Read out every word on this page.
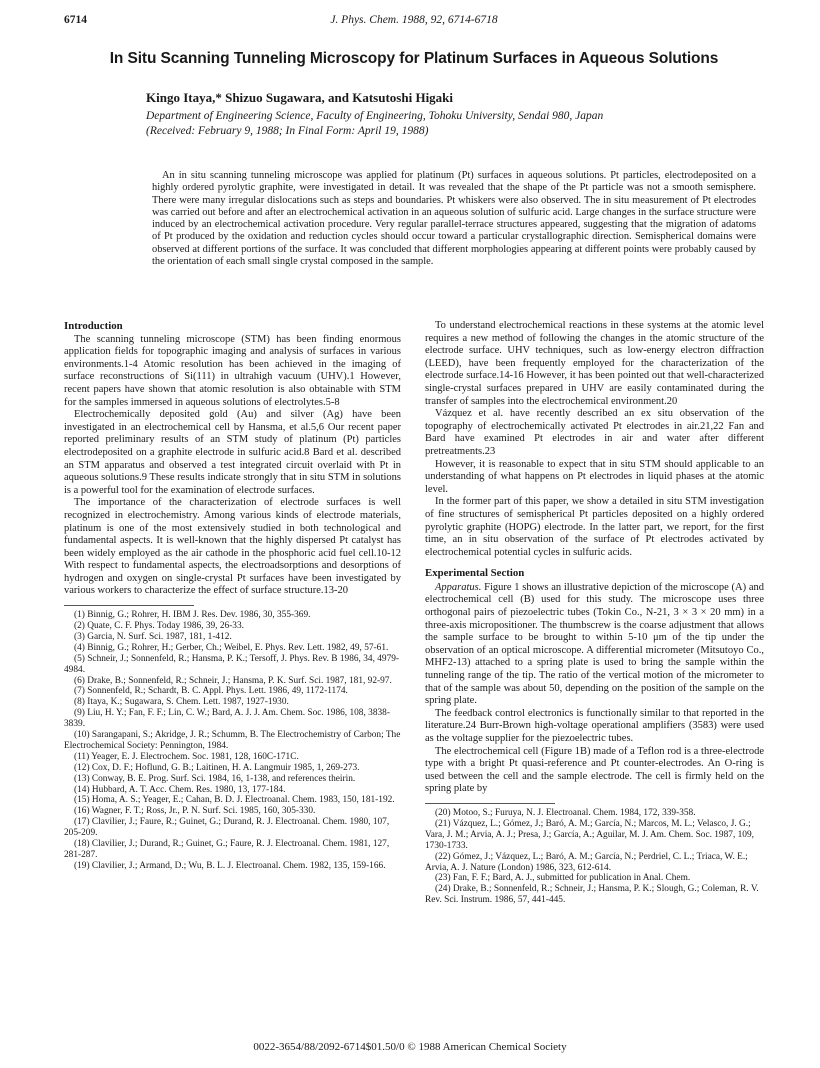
J. Phys. Chem. 1988, 92, 6714-6718
6714
In Situ Scanning Tunneling Microscopy for Platinum Surfaces in Aqueous Solutions
Kingo Itaya,* Shizuo Sugawara, and Katsutoshi Higaki
Department of Engineering Science, Faculty of Engineering, Tohoku University, Sendai 980, Japan
(Received: February 9, 1988; In Final Form: April 19, 1988)

An in situ scanning tunneling microscope was applied for platinum (Pt) surfaces in aqueous solutions. Pt particles, electrodeposited on a highly ordered pyrolytic graphite, were investigated in detail. It was revealed that the shape of the Pt particle was not a smooth semisphere. There were many irregular dislocations such as steps and boundaries. Pt whiskers were also observed. The in situ measurement of Pt electrodes was carried out before and after an electrochemical activation in an aqueous solution of sulfuric acid. Large changes in the surface structure were induced by an electrochemical activation procedure. Very regular parallel-terrace structures appeared, suggesting that the migration of adatoms of Pt produced by the oxidation and reduction cycles should occur toward a particular crystallographic direction. Semispherical domains were observed at different portions of the surface. It was concluded that different morphologies appearing at different points were probably caused by the orientation of each small single crystal composed in the sample.

Introduction

The scanning tunneling microscope (STM) has been finding enormous application fields for topographic imaging and analysis of surfaces in various environments.1-4 Atomic resolution has been achieved in the imaging of surface reconstructions of Si(111) in ultrahigh vacuum (UHV).1 However, recent papers have shown that atomic resolution is also obtainable with STM for the samples immersed in aqueous solutions of electrolytes.5-8

Electrochemically deposited gold (Au) and silver (Ag) have been investigated in an electrochemical cell by Hansma, et al.5,6 Our recent paper reported preliminary results of an STM study of platinum (Pt) particles electrodeposited on a graphite electrode in sulfuric acid.8 Bard et al. described an STM apparatus and observed a test integrated circuit overlaid with Pt in aqueous solutions.9 These results indicate strongly that in situ STM in solutions is a powerful tool for the examination of electrode surfaces.

The importance of the characterization of electrode surfaces is well recognized in electrochemistry. Among various kinds of electrode materials, platinum is one of the most extensively studied in both technological and fundamental aspects. It is well-known that the highly dispersed Pt catalyst has been widely employed as the air cathode in the phosphoric acid fuel cell.10-12 With respect to fundamental aspects, the electroadsorptions and desorptions of hydrogen and oxygen on single-crystal Pt surfaces have been investigated by various workers to characterize the effect of surface structure.13-20

(1) Binnig, G.; Rohrer, H. IBM J. Res. Dev. 1986, 30, 355-369.

(2) Quate, C. F. Phys. Today 1986, 39, 26-33.

(3) Garcia, N. Surf. Sci. 1987, 181, 1-412.

(4) Binnig, G.; Rohrer, H.; Gerber, Ch.; Weibel, E. Phys. Rev. Lett. 1982, 49, 57-61.

(5) Schneir, J.; Sonnenfeld, R.; Hansma, P. K.; Tersoff, J. Phys. Rev. B 1986, 34, 4979-4984.

(6) Drake, B.; Sonnenfeld, R.; Schneir, J.; Hansma, P. K. Surf. Sci. 1987, 181, 92-97.

(7) Sonnenfeld, R.; Schardt, B. C. Appl. Phys. Lett. 1986, 49, 1172-1174.

(8) Itaya, K.; Sugawara, S. Chem. Lett. 1987, 1927-1930.

(9) Liu, H. Y.; Fan, F. F.; Lin, C. W.; Bard, A. J. J. Am. Chem. Soc. 1986, 108, 3838-3839.

(10) Sarangapani, S.; Akridge, J. R.; Schumm, B. The Electrochemistry of Carbon; The Electrochemical Society: Pennington, 1984.

(11) Yeager, E. J. Electrochem. Soc. 1981, 128, 160C-171C.

(12) Cox, D. F.; Hoflund, G. B.; Laitinen, H. A. Langmuir 1985, 1, 269-273.

(13) Conway, B. E. Prog. Surf. Sci. 1984, 16, 1-138, and references theirin.

(14) Hubbard, A. T. Acc. Chem. Res. 1980, 13, 177-184.

(15) Homa, A. S.; Yeager, E.; Cahan, B. D. J. Electroanal. Chem. 1983, 150, 181-192.

(16) Wagner, F. T.; Ross, Jr., P. N. Surf. Sci. 1985, 160, 305-330.

(17) Clavilier, J.; Faure, R.; Guinet, G.; Durand, R. J. Electroanal. Chem. 1980, 107, 205-209.

(18) Clavilier, J.; Durand, R.; Guinet, G.; Faure, R. J. Electroanal. Chem. 1981, 127, 281-287.

(19) Clavilier, J.; Armand, D.; Wu, B. L. J. Electroanal. Chem. 1982, 135, 159-166.

To understand electrochemical reactions in these systems at the atomic level requires a new method of following the changes in the atomic structure of the electrode surface. UHV techniques, such as low-energy electron diffraction (LEED), have been frequently employed for the characterization of the electrode surface.14-16 However, it has been pointed out that well-characterized single-crystal surfaces prepared in UHV are easily contaminated during the transfer of samples into the electrochemical environment.20

Vázquez et al. have recently described an ex situ observation of the topography of electrochemically activated Pt electrodes in air.21,22 Fan and Bard have examined Pt electrodes in air and water after different pretreatments.23

However, it is reasonable to expect that in situ STM should applicable to an understanding of what happens on Pt electrodes in liquid phases at the atomic level.

In the former part of this paper, we show a detailed in situ STM investigation of fine structures of semispherical Pt particles deposited on a highly ordered pyrolytic graphite (HOPG) electrode. In the latter part, we report, for the first time, an in situ observation of the surface of Pt electrodes activated by electrochemical potential cycles in sulfuric acids.

Experimental Section

Apparatus. Figure 1 shows an illustrative depiction of the microscope (A) and electrochemical cell (B) used for this study. The microscope uses three orthogonal pairs of piezoelectric tubes (Tokin Co., N-21, 3 × 3 × 20 mm) in a three-axis micropositioner. The thumbscrew is the coarse adjustment that allows the sample surface to be brought to within 5-10 μm of the tip under the observation of an optical microscope. A differential micrometer (Mitsutoyo Co., MHF2-13) attached to a spring plate is used to bring the sample within the tunneling range of the tip. The ratio of the vertical motion of the micrometer to that of the sample was about 50, depending on the position of the sample on the spring plate.

The feedback control electronics is functionally similar to that reported in the literature.24 Burr-Brown high-voltage operational amplifiers (3583) were used as the voltage supplier for the piezoelectric tubes.

The electrochemical cell (Figure 1B) made of a Teflon rod is a three-electrode type with a bright Pt quasi-reference and Pt counter-electrodes. An O-ring is used between the cell and the sample electrode. The cell is firmly held on the spring plate by

(20) Motoo, S.; Furuya, N. J. Electroanal. Chem. 1984, 172, 339-358.

(21) Vázquez, L.; Gómez, J.; Baró, A. M.; García, N.; Marcos, M. L.; Velasco, J. G.; Vara, J. M.; Arvia, A. J.; Presa, J.; García, A.; Aguilar, M. J. Am. Chem. Soc. 1987, 109, 1730-1733.

(22) Gómez, J.; Vázquez, L.; Baró, A. M.; García, N.; Perdriel, C. L.; Triaca, W. E.; Arvia, A. J. Nature (London) 1986, 323, 612-614.

(23) Fan, F. F.; Bard, A. J., submitted for publication in Anal. Chem.

(24) Drake, B.; Sonnenfeld, R.; Schneir, J.; Hansma, P. K.; Slough, G.; Coleman, R. V. Rev. Sci. Instrum. 1986, 57, 441-445.

0022-3654/88/2092-6714$01.50/0 © 1988 American Chemical Society
